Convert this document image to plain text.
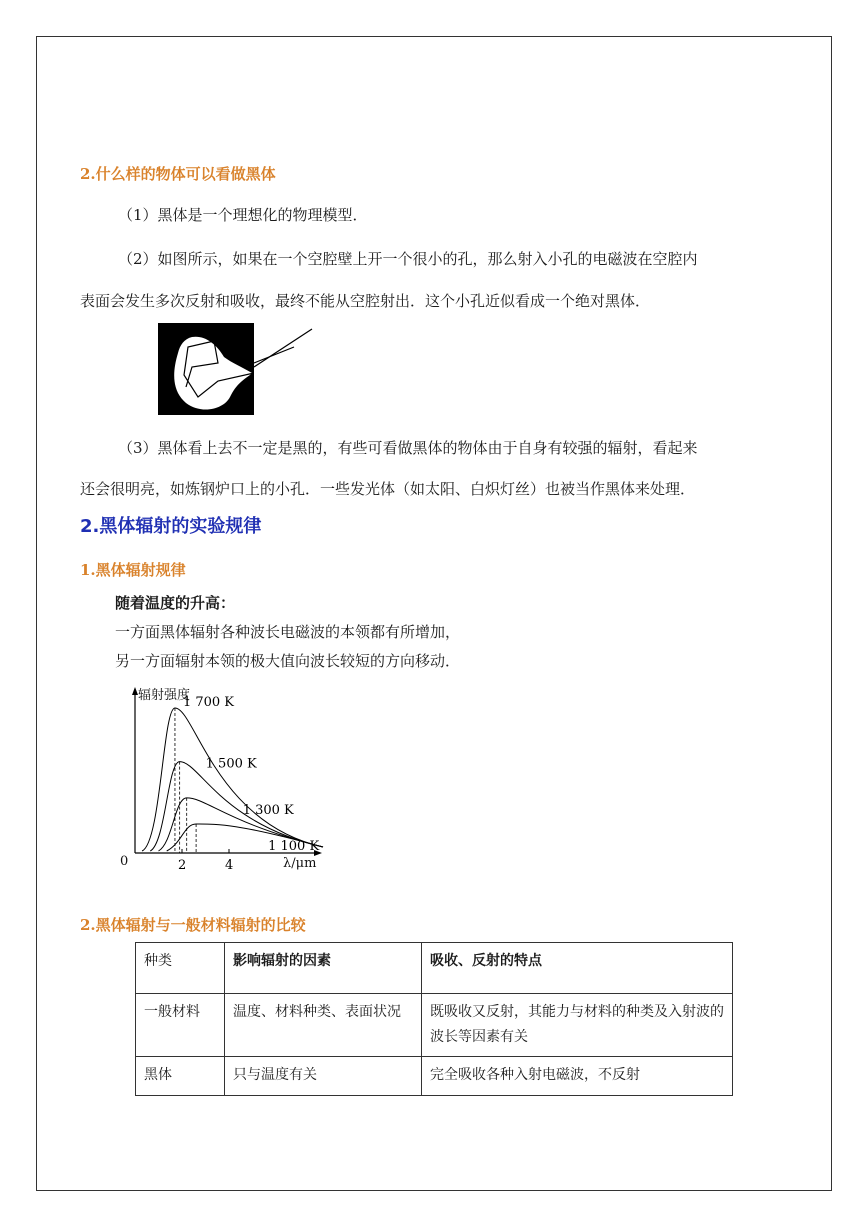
2.什么样的物体可以看做黑体
（1）黑体是一个理想化的物理模型．
（2）如图所示，如果在一个空腔壁上开一个很小的孔，那么射入小孔的电磁波在空腔内
表面会发生多次反射和吸收，最终不能从空腔射出．这个小孔近似看成一个绝对黑体．
（3）黑体看上去不一定是黑的，有些可看做黑体的物体由于自身有较强的辐射，看起来
还会很明亮，如炼钢炉口上的小孔．一些发光体（如太阳、白炽灯丝）也被当作黑体来处理．
2.黑体辐射的实验规律
1.黑体辐射规律
随着温度的升高：
一方面黑体辐射各种波长电磁波的本领都有所增加，
另一方面辐射本领的极大值向波长较短的方向移动．
辐射强度
0	λ/μm
2	4
1 700 K
1 500 K
1 300 K
1 100 K
2.黑体辐射与一般材料辐射的比较
种类	影响辐射的因素	吸收、反射的特点
一般材料	温度、材料种类、表面状况	既吸收又反射，其能力与材料的种类及入射波的波长等因素有关
黑体	只与温度有关	完全吸收各种入射电磁波，不反射
